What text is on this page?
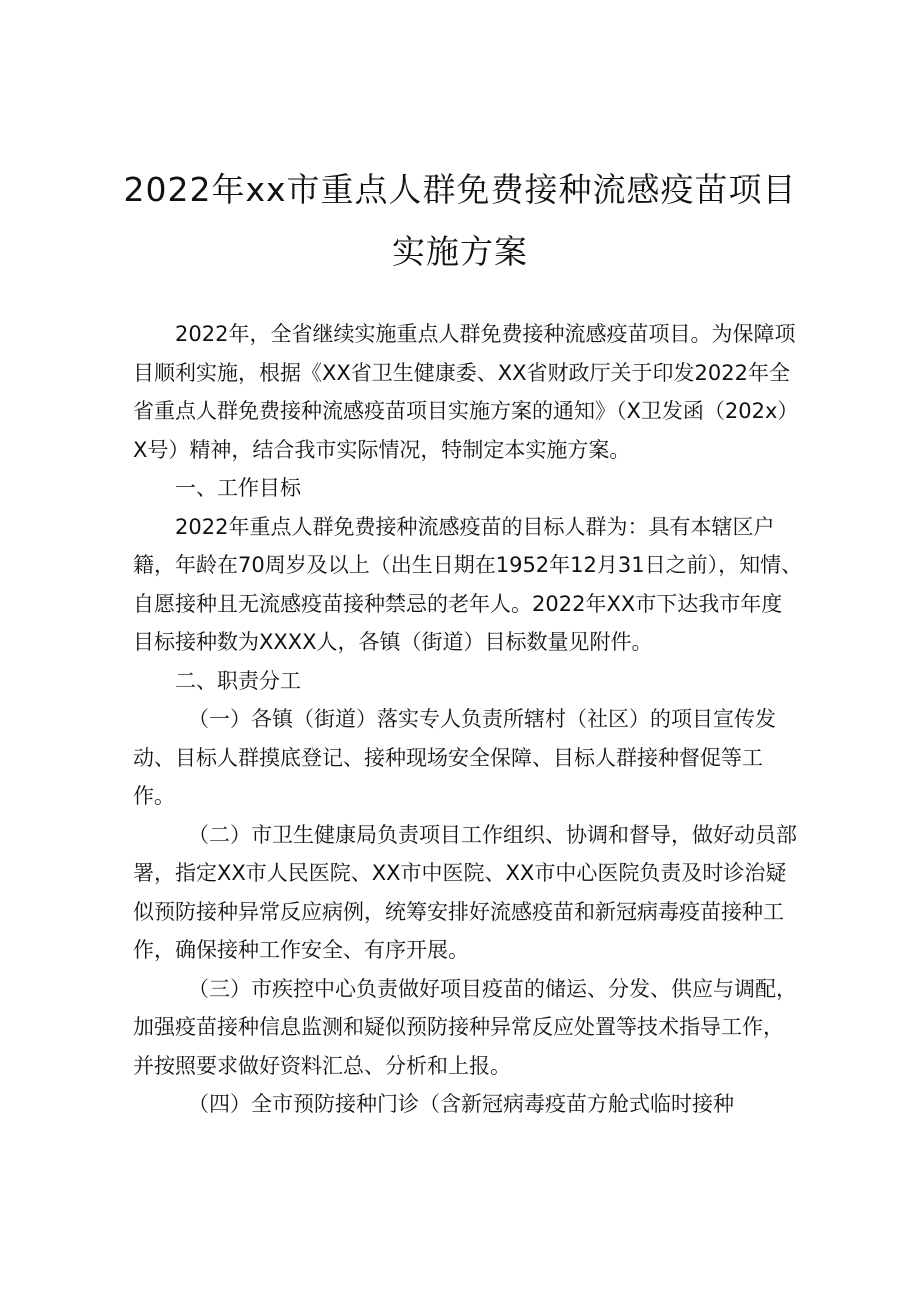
2022年xx市重点人群免费接种流感疫苗项目
实施方案

2022年，全省继续实施重点人群免费接种流感疫苗项目。为保障项目顺利实施，根据《XX省卫生健康委、XX省财政厅关于印发2022年全省重点人群免费接种流感疫苗项目实施方案的通知》（X卫发函（202x）X号）精神，结合我市实际情况，特制定本实施方案。

一、工作目标

2022年重点人群免费接种流感疫苗的目标人群为：具有本辖区户籍，年龄在70周岁及以上（出生日期在1952年12月31日之前），知情、自愿接种且无流感疫苗接种禁忌的老年人。2022年XX市下达我市年度目标接种数为XXXX人，各镇（街道）目标数量见附件。

二、职责分工

（一）各镇（街道）落实专人负责所辖村（社区）的项目宣传发动、目标人群摸底登记、接种现场安全保障、目标人群接种督促等工作。

（二）市卫生健康局负责项目工作组织、协调和督导，做好动员部署，指定XX市人民医院、XX市中医院、XX市中心医院负责及时诊治疑似预防接种异常反应病例，统筹安排好流感疫苗和新冠病毒疫苗接种工作，确保接种工作安全、有序开展。

（三）市疾控中心负责做好项目疫苗的储运、分发、供应与调配，加强疫苗接种信息监测和疑似预防接种异常反应处置等技术指导工作，并按照要求做好资料汇总、分析和上报。

（四）全市预防接种门诊（含新冠病毒疫苗方舱式临时接种
